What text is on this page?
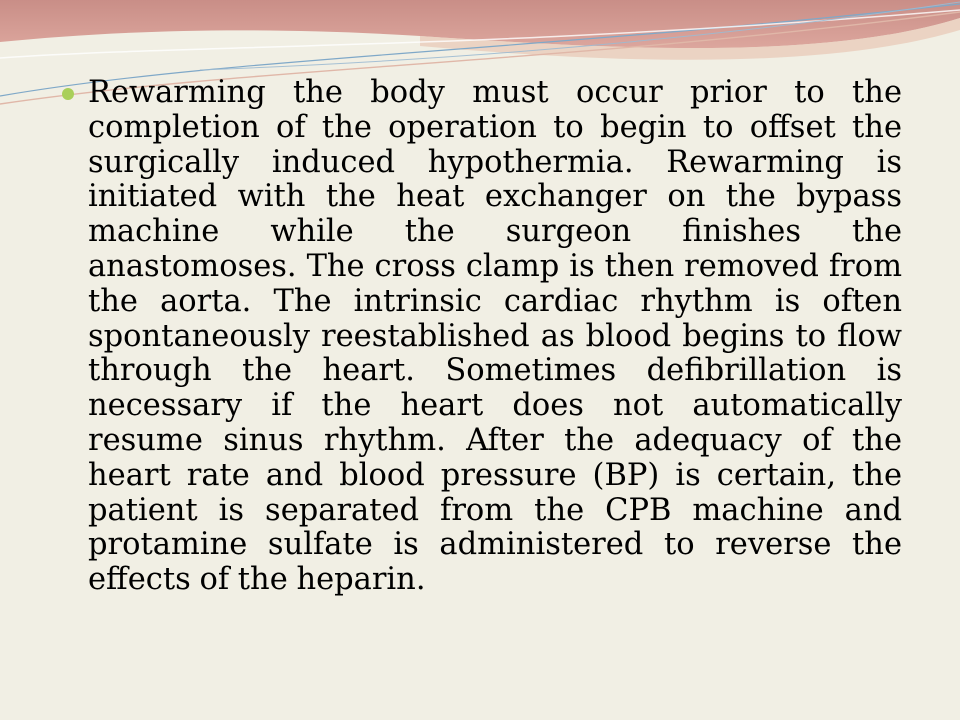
Rewarming the body must occur prior to the completion of the operation to begin to offset the surgically induced hypothermia. Rewarming is initiated with the heat exchanger on the bypass machine while the surgeon finishes the anastomoses. The cross clamp is then removed from the aorta. The intrinsic cardiac rhythm is often spontaneously reestablished as blood begins to flow through the heart. Sometimes defibrillation is necessary if the heart does not automatically resume sinus rhythm. After the adequacy of the heart rate and blood pressure (BP) is certain, the patient is separated from the CPB machine and protamine sulfate is administered to reverse the effects of the heparin.
